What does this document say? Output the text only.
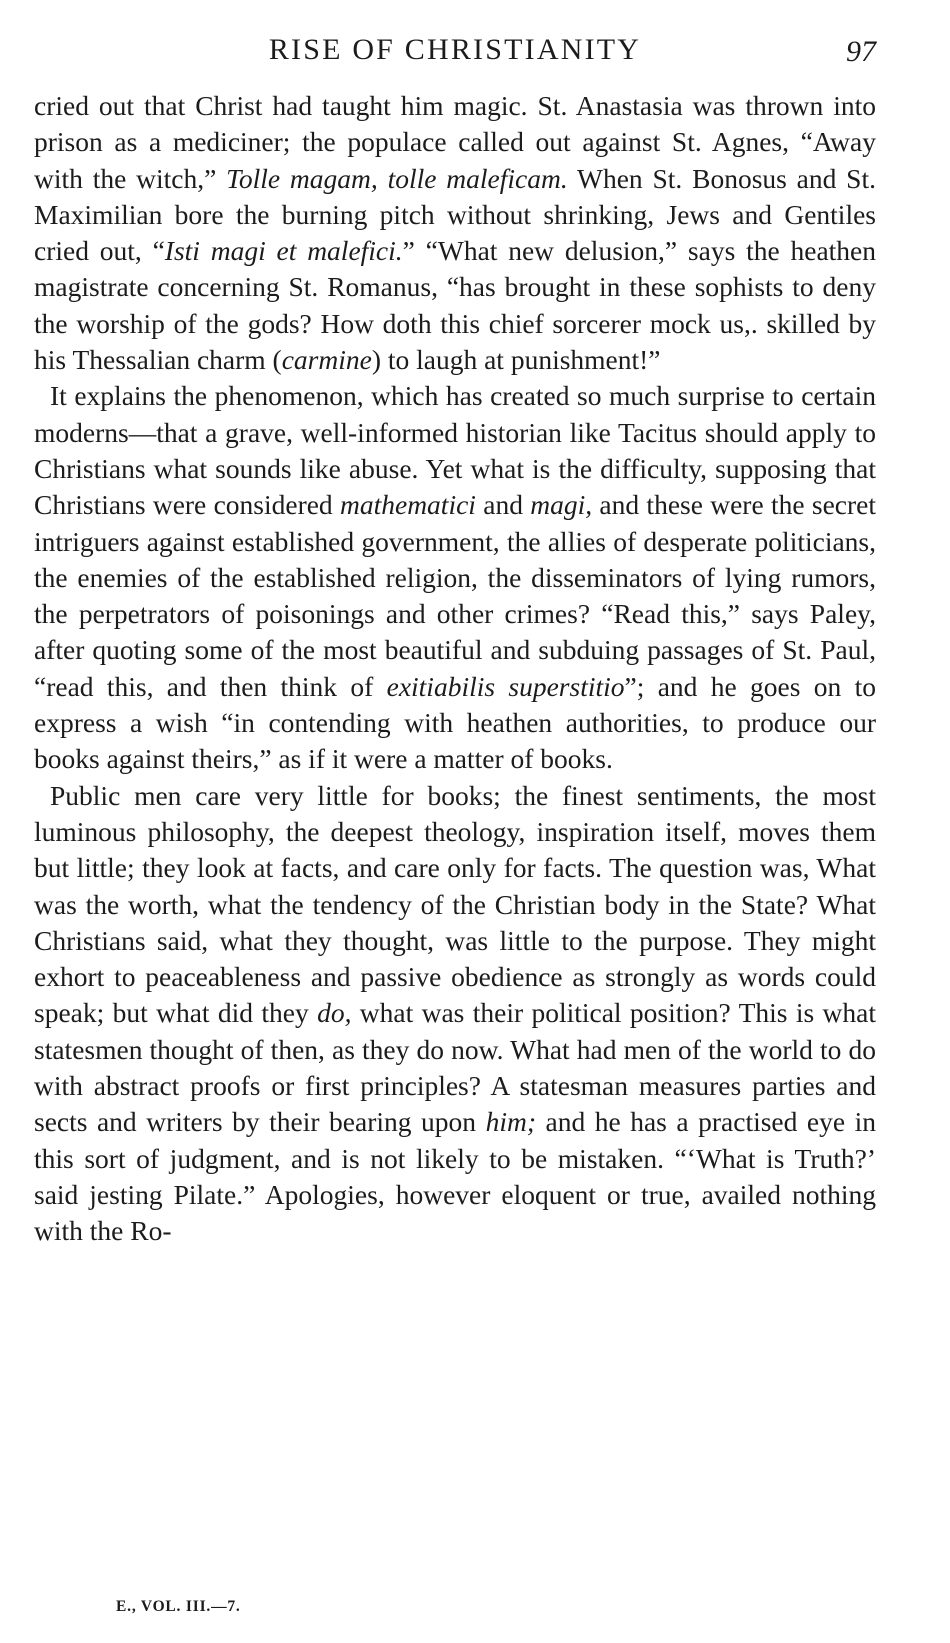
RISE OF CHRISTIANITY	97

cried out that Christ had taught him magic. St. Anastasia was thrown into prison as a mediciner; the populace called out against St. Agnes, “Away with the witch,” Tolle magam, tolle maleficam. When St. Bonosus and St. Maximilian bore the burning pitch without shrinking, Jews and Gentiles cried out, “Isti magi et malefici.” “What new delusion,” says the heathen magistrate concerning St. Romanus, “has brought in these sophists to deny the worship of the gods? How doth this chief sorcerer mock us,. skilled by his Thessalian charm (carmine) to laugh at punishment!”

It explains the phenomenon, which has created so much surprise to certain moderns—that a grave, well-informed historian like Tacitus should apply to Christians what sounds like abuse. Yet what is the difficulty, supposing that Christians were considered mathematici and magi, and these were the secret intriguers against established government, the allies of desperate politicians, the enemies of the established religion, the disseminators of lying rumors, the perpetrators of poisonings and other crimes? “Read this,” says Paley, after quoting some of the most beautiful and subduing passages of St. Paul, “read this, and then think of exitiabilis superstitio”; and he goes on to express a wish “in contending with heathen authorities, to produce our books against theirs,” as if it were a matter of books.

Public men care very little for books; the finest sentiments, the most luminous philosophy, the deepest theology, inspiration itself, moves them but little; they look at facts, and care only for facts. The question was, What was the worth, what the tendency of the Christian body in the State? What Christians said, what they thought, was little to the purpose. They might exhort to peaceableness and passive obedience as strongly as words could speak; but what did they do, what was their political position? This is what statesmen thought of then, as they do now. What had men of the world to do with abstract proofs or first principles? A statesman measures parties and sects and writers by their bearing upon him; and he has a practised eye in this sort of judgment, and is not likely to be mistaken. “‘What is Truth?’ said jesting Pilate.” Apologies, however eloquent or true, availed nothing with the Ro-

E., VOL. III.—7.
